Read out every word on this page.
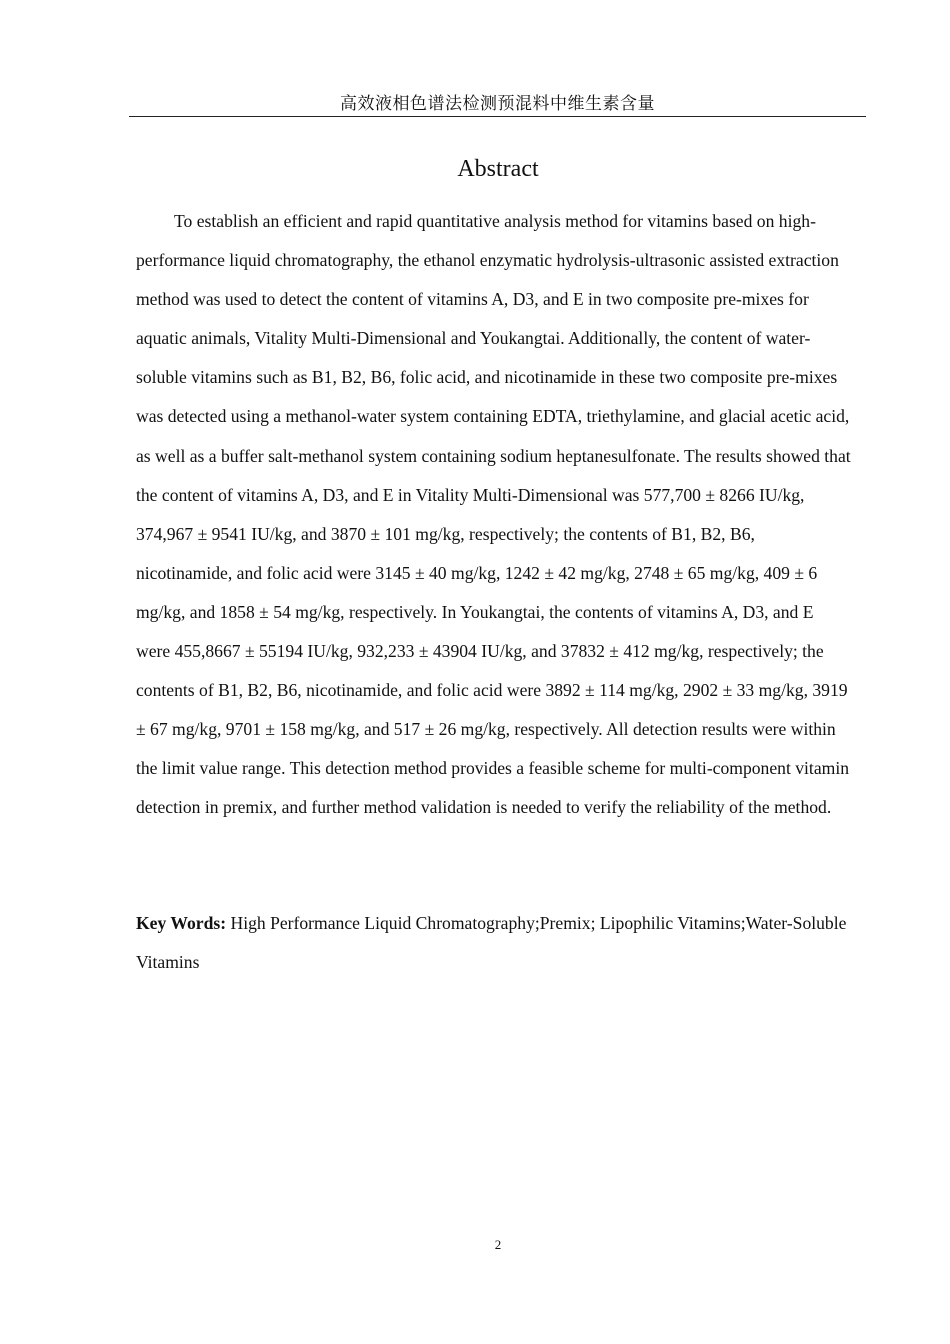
高效液相色谱法检测预混料中维生素含量
Abstract

To establish an efficient and rapid quantitative analysis method for vitamins based on high-performance liquid chromatography, the ethanol enzymatic hydrolysis-ultrasonic assisted extraction method was used to detect the content of vitamins A, D3, and E in two composite pre-mixes for aquatic animals, Vitality Multi-Dimensional and Youkangtai. Additionally, the content of water-soluble vitamins such as B1, B2, B6, folic acid, and nicotinamide in these two composite pre-mixes was detected using a methanol-water system containing EDTA, triethylamine, and glacial acetic acid, as well as a buffer salt-methanol system containing sodium heptanesulfonate. The results showed that the content of vitamins A, D3, and E in Vitality Multi-Dimensional was 577,700 ± 8266 IU/kg, 374,967 ± 9541 IU/kg, and 3870 ± 101 mg/kg, respectively; the contents of B1, B2, B6, nicotinamide, and folic acid were 3145 ± 40 mg/kg, 1242 ± 42 mg/kg, 2748 ± 65 mg/kg, 409 ± 6 mg/kg, and 1858 ± 54 mg/kg, respectively. In Youkangtai, the contents of vitamins A, D3, and E were 455,8667 ± 55194 IU/kg, 932,233 ± 43904 IU/kg, and 37832 ± 412 mg/kg, respectively; the contents of B1, B2, B6, nicotinamide, and folic acid were 3892 ± 114 mg/kg, 2902 ± 33 mg/kg, 3919 ± 67 mg/kg, 9701 ± 158 mg/kg, and 517 ± 26 mg/kg, respectively. All detection results were within the limit value range. This detection method provides a feasible scheme for multi-component vitamin detection in premix, and further method validation is needed to verify the reliability of the method.

Key Words: High Performance Liquid Chromatography;Premix; Lipophilic Vitamins;Water-Soluble Vitamins

2
